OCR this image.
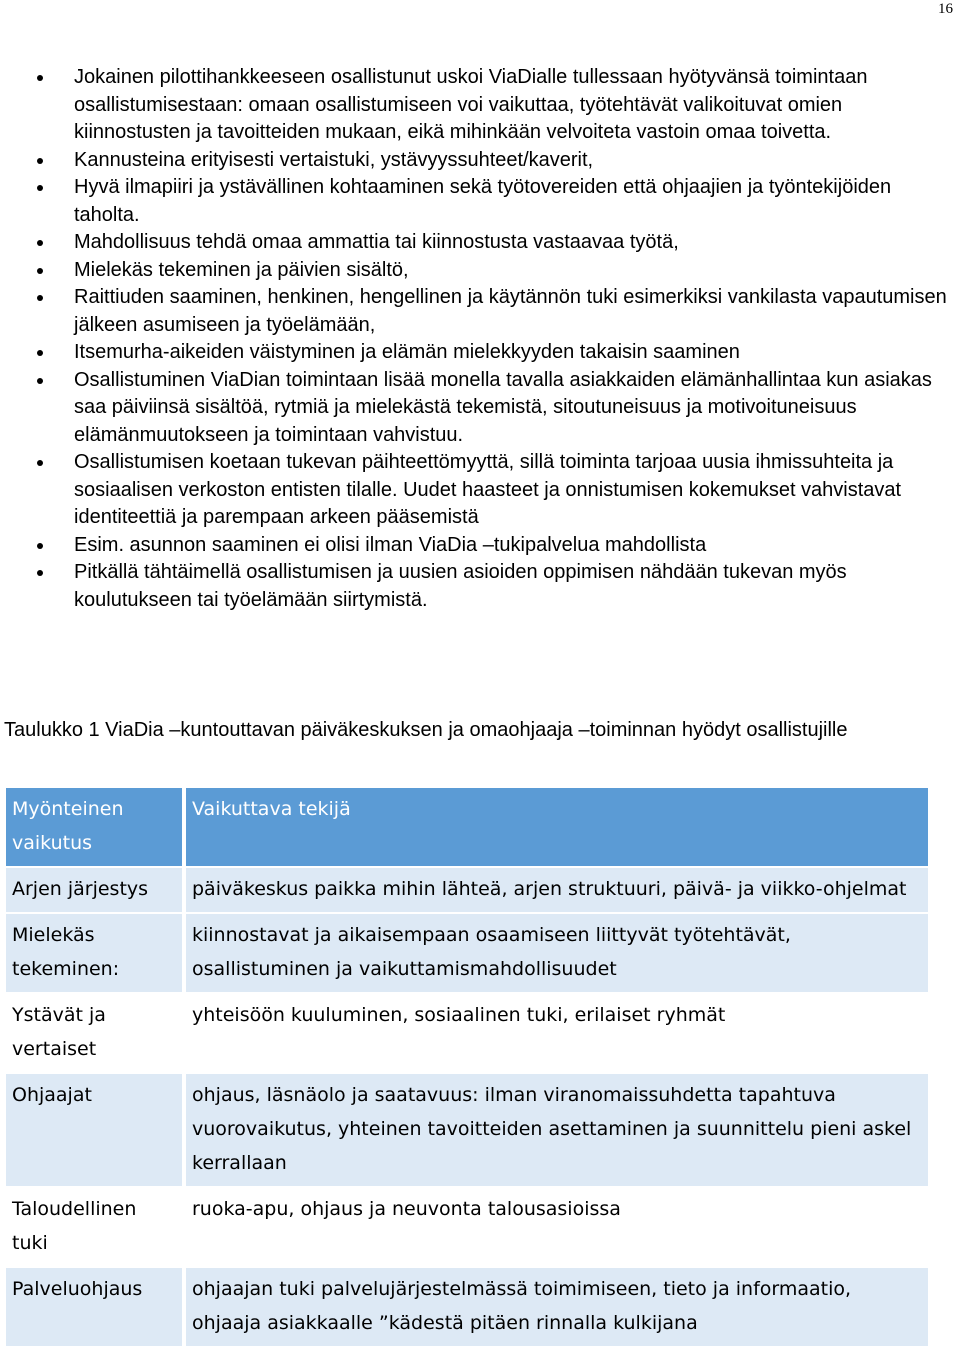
16
Jokainen pilottihankkeeseen osallistunut uskoi ViaDialle tullessaan hyötyvänsä toimintaan osallistumisestaan: omaan osallistumiseen voi vaikuttaa, työtehtävät valikoituvat omien kiinnostusten ja tavoitteiden mukaan, eikä mihinkään velvoiteta vastoin omaa toivetta.
Kannusteina erityisesti vertaistuki, ystävyyssuhteet/kaverit,
Hyvä ilmapiiri ja ystävällinen kohtaaminen sekä työtovereiden että ohjaajien ja työntekijöiden taholta.
Mahdollisuus tehdä omaa ammattia tai kiinnostusta vastaavaa työtä,
Mielekäs tekeminen ja päivien sisältö,
Raittiuden saaminen, henkinen, hengellinen ja käytännön tuki esimerkiksi vankilasta vapautumisen jälkeen asumiseen ja työelämään,
Itsemurha-aikeiden väistyminen ja elämän mielekkyyden takaisin saaminen
Osallistuminen ViaDian toimintaan lisää monella tavalla asiakkaiden elämänhallintaa kun asiakas saa päiviinsä sisältöä, rytmiä ja mielekästä tekemistä, sitoutuneisuus ja motivoituneisuus elämänmuutokseen ja toimintaan vahvistuu.
Osallistumisen koetaan tukevan päihteettömyyttä, sillä toiminta tarjoaa uusia ihmissuhteita ja sosiaalisen verkoston entisten tilalle. Uudet haasteet ja onnistumisen kokemukset vahvistavat identiteettiä ja parempaan arkeen pääsemistä
Esim. asunnon saaminen ei olisi ilman ViaDia –tukipalvelua mahdollista
Pitkällä tähtäimellä osallistumisen ja uusien asioiden oppimisen nähdään tukevan myös koulutukseen tai työelämään siirtymistä.
Taulukko 1 ViaDia –kuntouttavan päiväkeskuksen ja omaohjaaja –toiminnan hyödyt osallistujille
Myönteinen vaikutus	Vaikuttava tekijä
Arjen järjestys	päiväkeskus paikka mihin lähteä, arjen struktuuri, päivä- ja viikko-ohjelmat
Mielekäs tekeminen:	kiinnostavat ja aikaisempaan osaamiseen liittyvät työtehtävät, osallistuminen ja vaikuttamismahdollisuudet
Ystävät ja vertaiset	yhteisöön kuuluminen, sosiaalinen tuki, erilaiset ryhmät
Ohjaajat	ohjaus, läsnäolo ja saatavuus: ilman viranomaissuhdetta tapahtuva vuorovaikutus, yhteinen tavoitteiden asettaminen ja suunnittelu pieni askel kerrallaan
Taloudellinen tuki	ruoka-apu, ohjaus ja neuvonta talousasioissa
Palveluohjaus	ohjaajan tuki palvelujärjestelmässä toimimiseen, tieto ja informaatio, ohjaaja asiakkaalle ”kädestä pitäen rinnalla kulkijana
